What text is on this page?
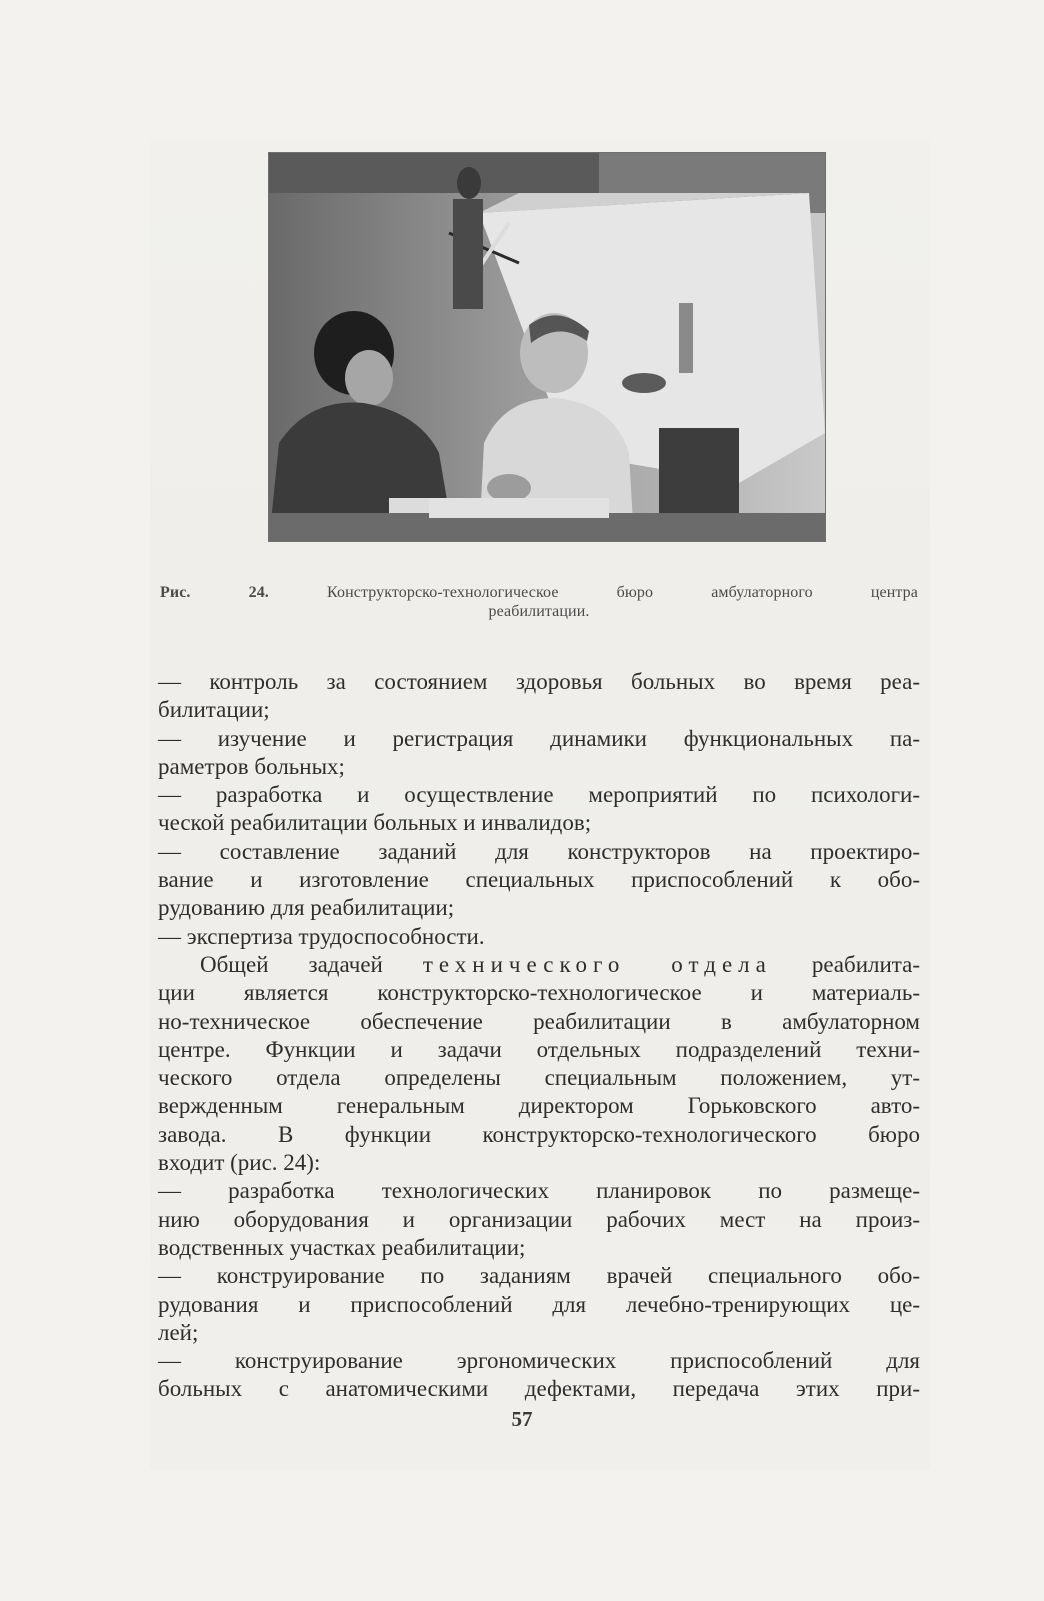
Рис. 24.	Конструкторско-технологическое бюро амбулаторного центра
реабилитации.
— контроль за состоянием здоровья больных во время реа-
билитации;
— изучение и регистрация динамики функциональных па-
раметров больных;
— разработка и осуществление мероприятий по психологи-
ческой реабилитации больных и инвалидов;
— составление заданий для конструкторов на проектиро-
вание и изготовление специальных приспособлений к обо-
рудованию для реабилитации;
— экспертиза трудоспособности.
Общей задачей технического отдела реабилита-
ции является конструкторско-технологическое и материаль-
но-техническое обеспечение реабилитации в амбулаторном
центре. Функции и задачи отдельных подразделений техни-
ческого отдела определены специальным положением, ут-
вержденным генеральным директором Горьковского авто-
завода. В функции конструкторско-технологического бюро
входит (рис. 24):
— разработка технологических планировок по размеще-
нию оборудования и организации рабочих мест на произ-
водственных участках реабилитации;
— конструирование по заданиям врачей специального обо-
рудования и приспособлений для лечебно-тренирующих це-
лей;
— конструирование эргономических приспособлений для
больных с анатомическими дефектами, передача этих при-
57
